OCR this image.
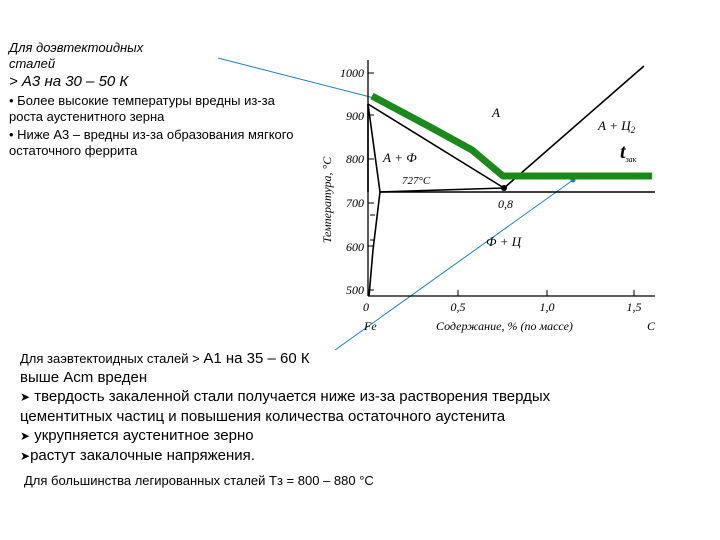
Для доэвтектоидных
сталей
> А3 на 30 – 50 К
• Более высокие температуры вредны из-за роста аустенитного зерна
• Ниже А3 – вредны из-за образования мягкого остаточного феррита
1000
900
800
700
600
500
0	0,5	1,0	1,5
Fe	Содержание, % (по массе)	C
Температура, °С
А
$А + Ц_2$
А + Ф
727°С
0,8
Ф + Ц
$t_{зак}$
Для заэвтектоидных сталей > А1 на 35 – 60 К
выше Acm вреден
➤ твердость закаленной стали получается ниже из-за растворения твердых цементитных частиц и повышения количества остаточного аустенита
➤ укрупняется аустенитное зерно
➤растут закалочные напряжения.
Для большинства легированных сталей Тз = 800 – 880 °С
